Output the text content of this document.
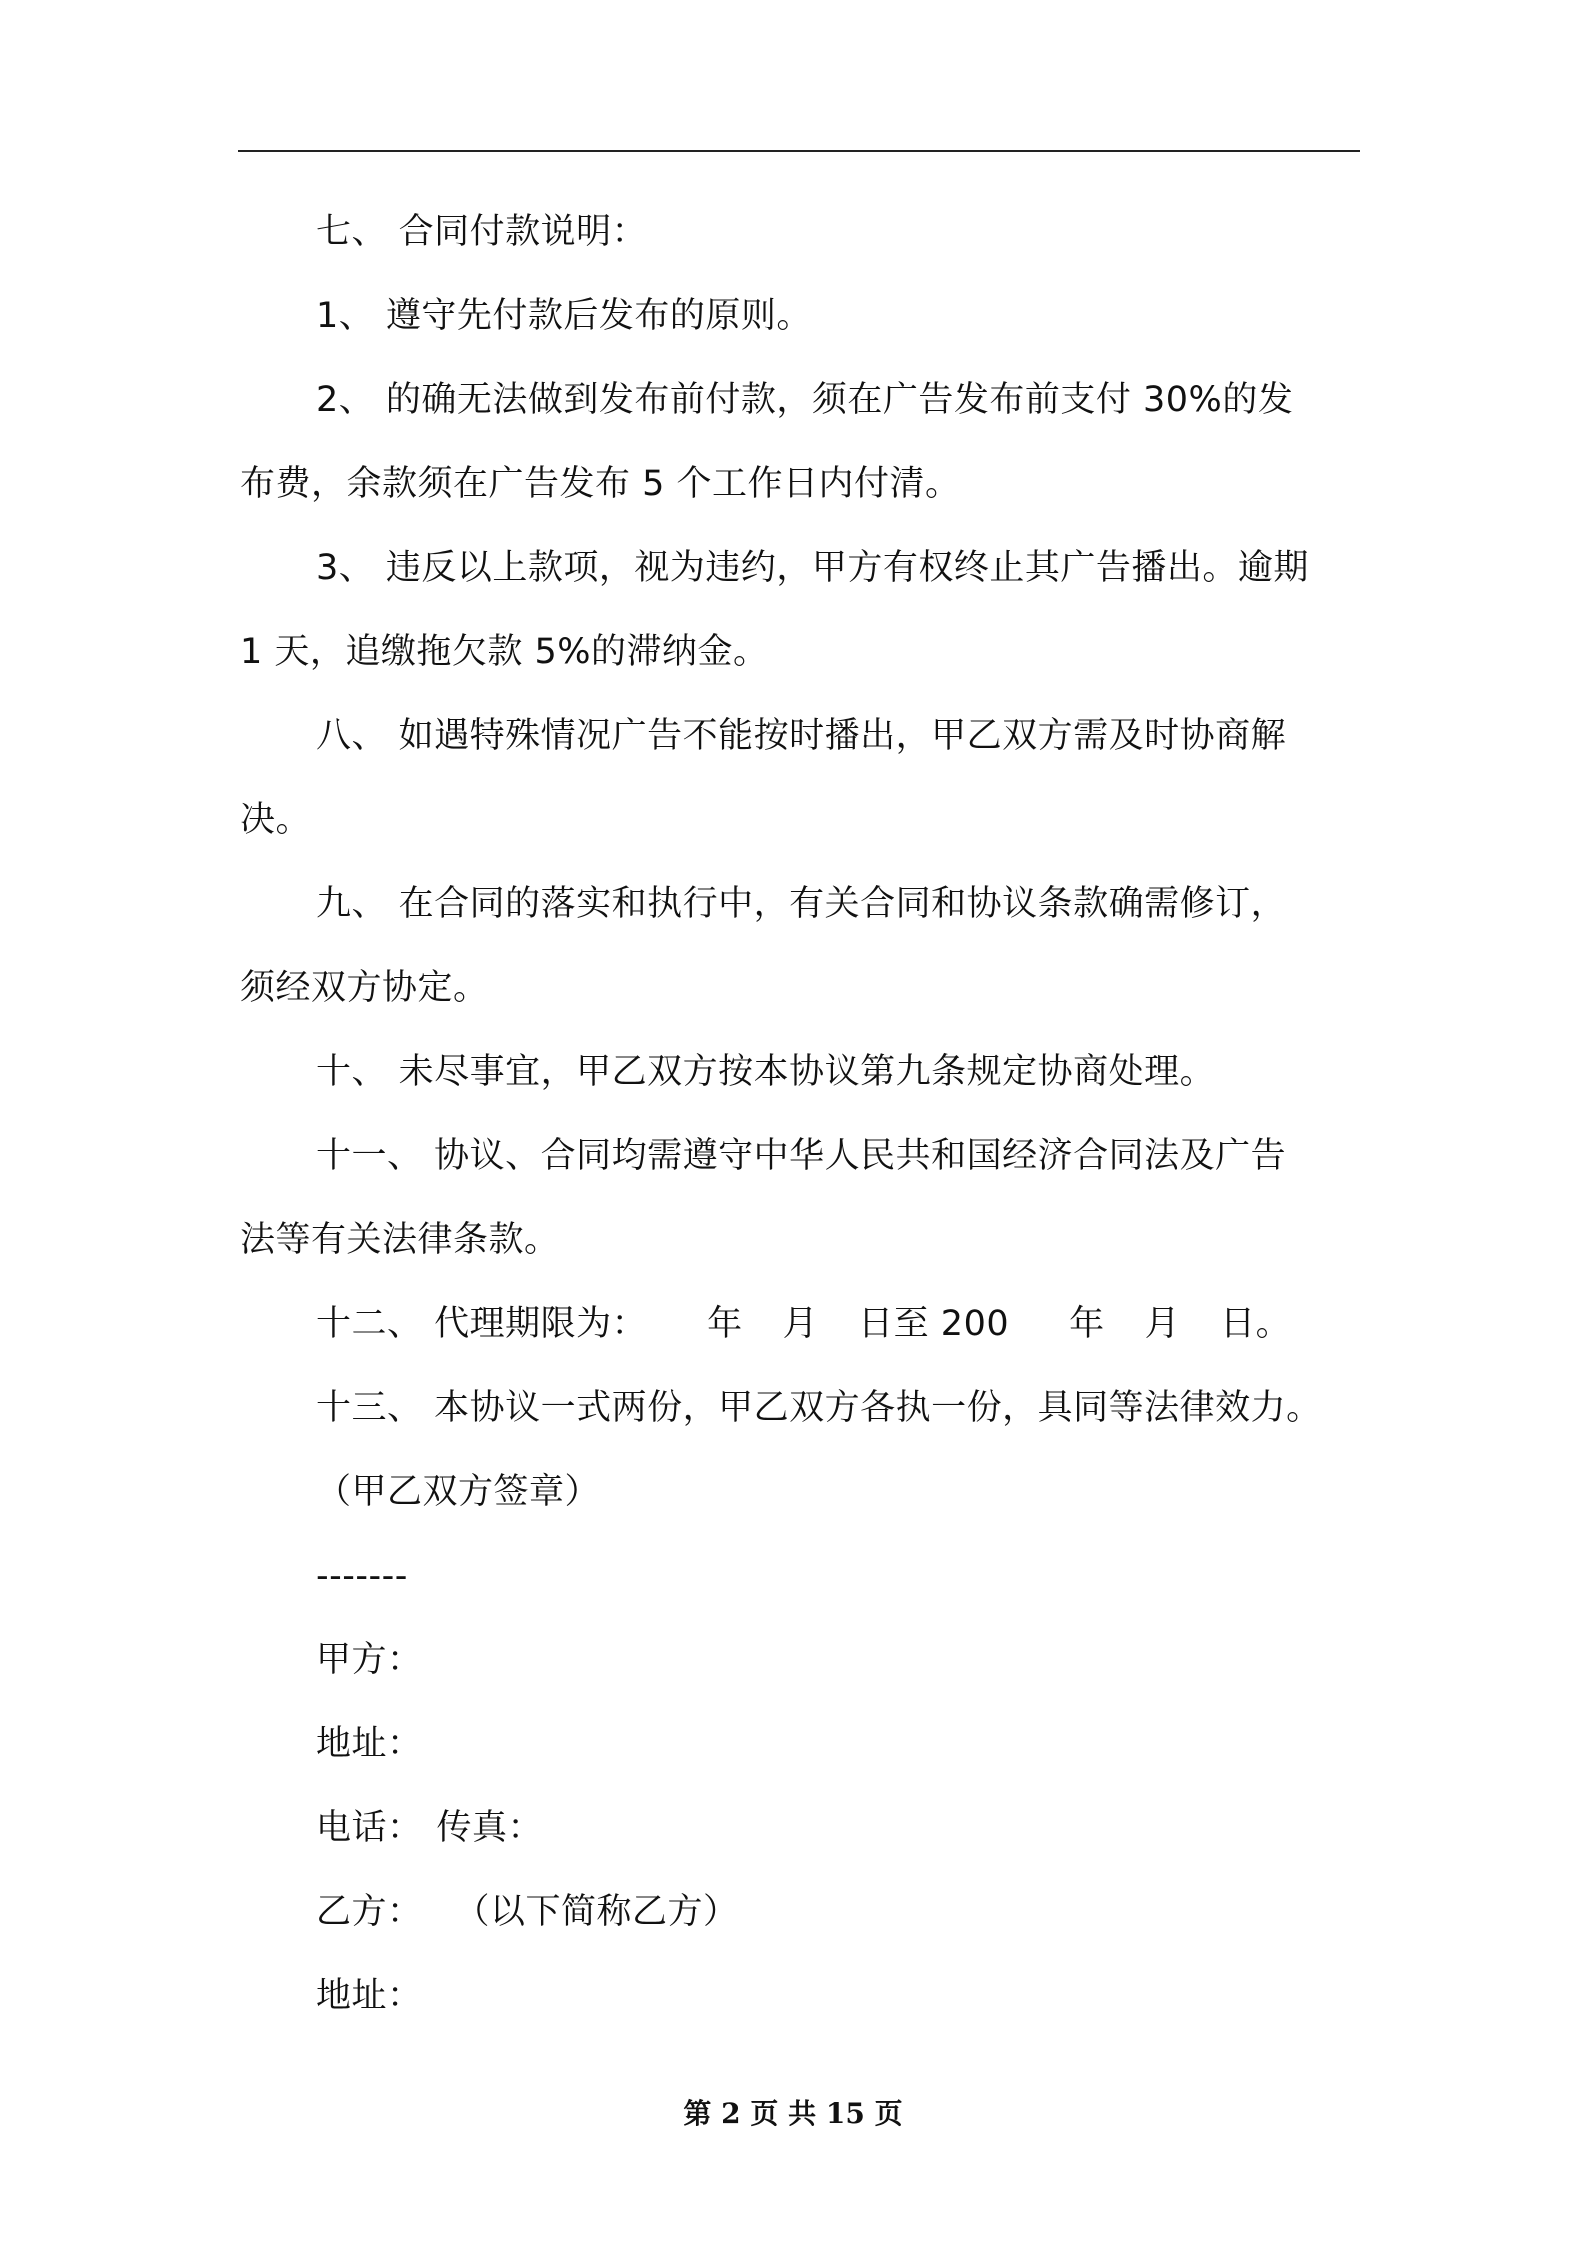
七、 合同付款说明：

1、 遵守先付款后发布的原则。

2、 的确无法做到发布前付款，须在广告发布前支付 30%的发

布费，余款须在广告发布 5 个工作日内付清。

3、 违反以上款项，视为违约，甲方有权终止其广告播出。逾期

1 天，追缴拖欠款 5%的滞纳金。

八、 如遇特殊情况广告不能按时播出，甲乙双方需及时协商解

决。

九、 在合同的落实和执行中，有关合同和协议条款确需修订，

须经双方协定。

十、 未尽事宜，甲乙双方按本协议第九条规定协商处理。

十一、 协议、合同均需遵守中华人民共和国经济合同法及广告

法等有关法律条款。

十二、 代理期限为： 年 月 日至 200 年 月 日。

十三、 本协议一式两份，甲乙双方各执一份，具同等法律效力。

（甲乙双方签章）

-------

甲方：

地址：

电话： 传真：

乙方： （以下简称乙方）

地址：

第 2 页 共 15 页
